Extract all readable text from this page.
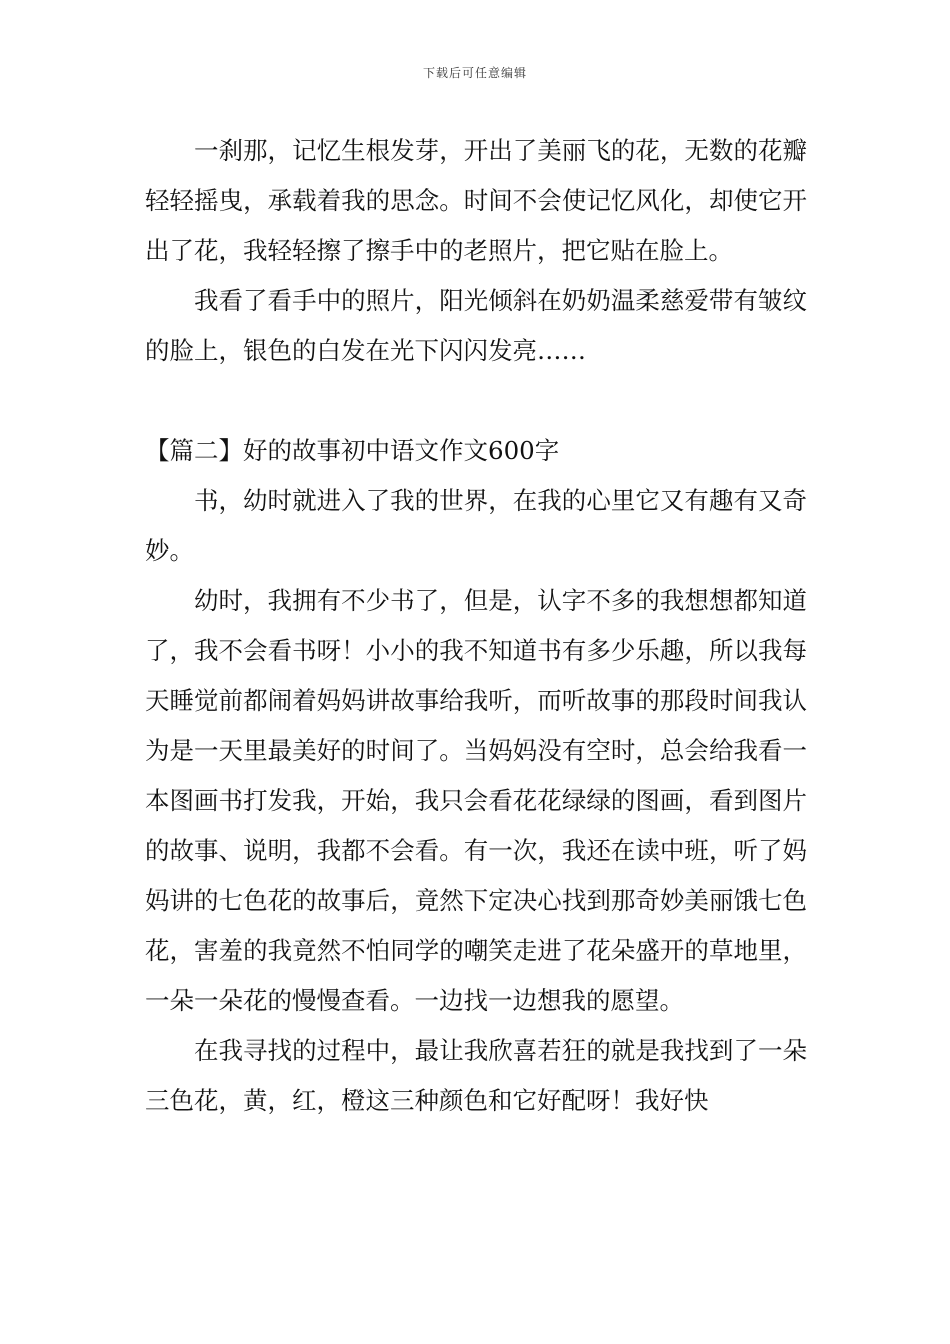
下载后可任意编辑

一刹那，记忆生根发芽，开出了美丽飞的花，无数的花瓣轻轻摇曳，承载着我的思念。时间不会使记忆风化，却使它开出了花，我轻轻擦了擦手中的老照片，把它贴在脸上。

我看了看手中的照片，阳光倾斜在奶奶温柔慈爱带有皱纹的脸上，银色的白发在光下闪闪发亮……

【篇二】好的故事初中语文作文600字

书，幼时就进入了我的世界，在我的心里它又有趣有又奇妙。

幼时，我拥有不少书了，但是，认字不多的我想想都知道了，我不会看书呀！小小的我不知道书有多少乐趣，所以我每天睡觉前都闹着妈妈讲故事给我听，而听故事的那段时间我认为是一天里最美好的时间了。当妈妈没有空时，总会给我看一本图画书打发我，开始，我只会看花花绿绿的图画，看到图片的故事、说明，我都不会看。有一次，我还在读中班，听了妈妈讲的七色花的故事后，竟然下定决心找到那奇妙美丽饿七色花，害羞的我竟然不怕同学的嘲笑走进了花朵盛开的草地里，一朵一朵花的慢慢查看。一边找一边想我的愿望。

在我寻找的过程中，最让我欣喜若狂的就是我找到了一朵三色花，黄，红，橙这三种颜色和它好配呀！我好快
